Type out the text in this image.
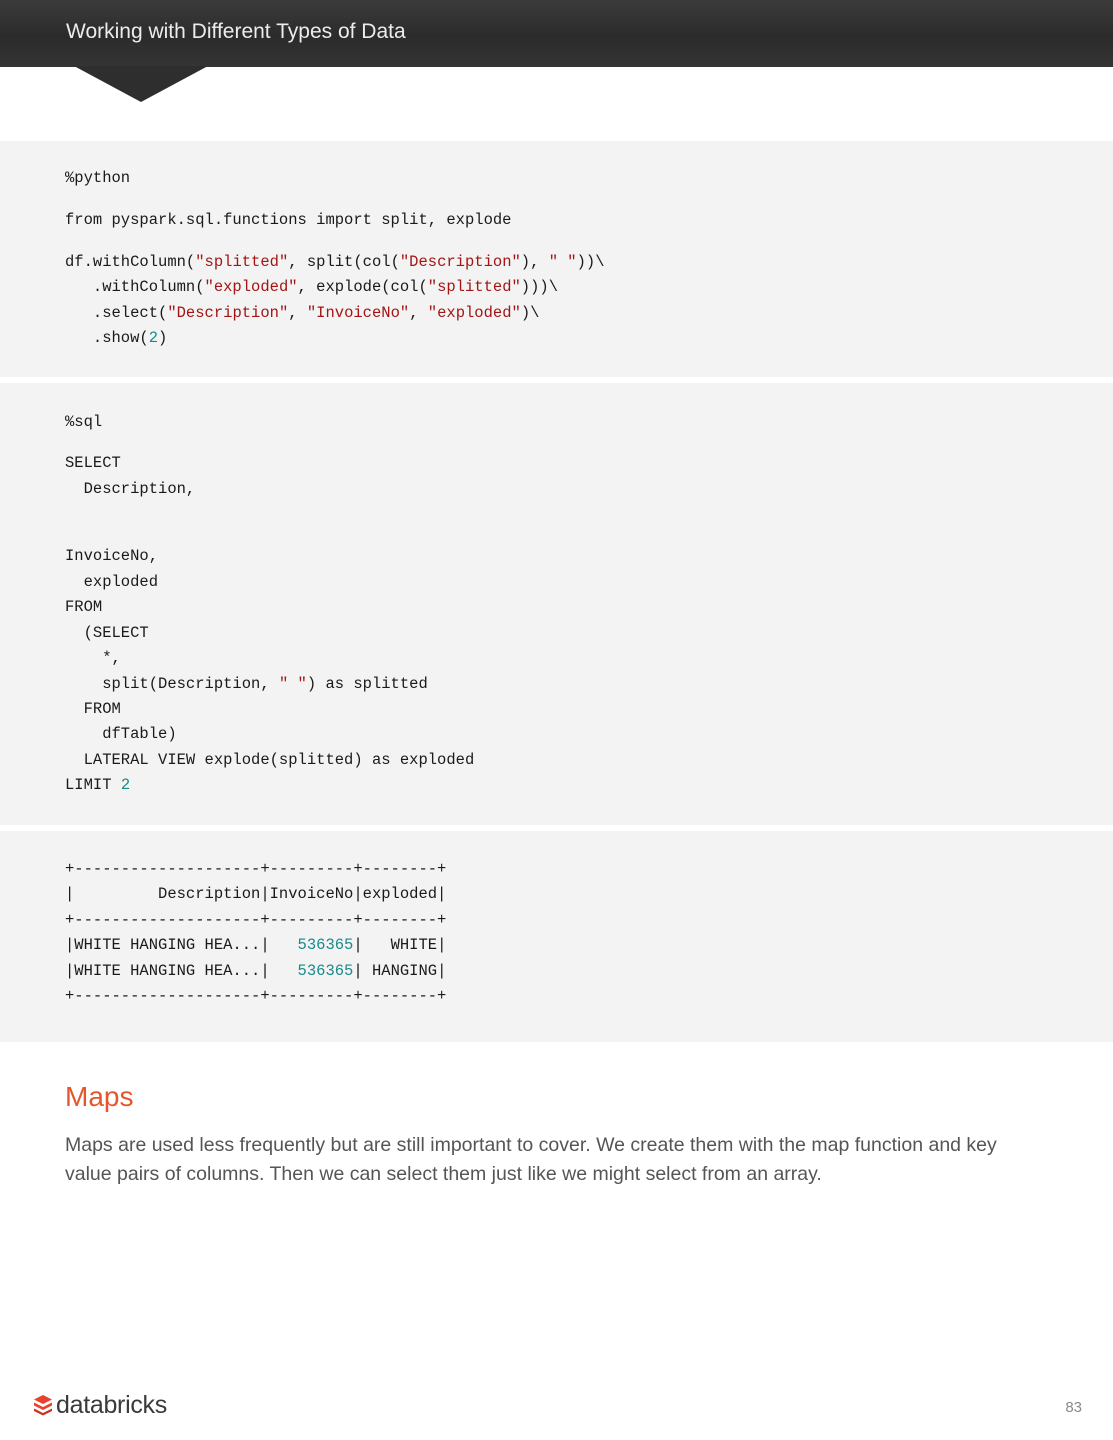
Working with Different Types of Data
%python
from pyspark.sql.functions import split, explode
df.withColumn("splitted", split(col("Description"), " "))\
.withColumn("exploded", explode(col("splitted")))\
.select("Description", "InvoiceNo", "exploded")\
.show(2)
%sql
SELECT
Description,
InvoiceNo,
exploded
FROM
(SELECT
*,
split(Description, " ") as splitted
FROM
dfTable)
LATERAL VIEW explode(splitted) as exploded
LIMIT 2
+--------------------+---------+--------+
|         Description|InvoiceNo|exploded|
+--------------------+---------+--------+
|WHITE HANGING HEA...|   536365|   WHITE|
|WHITE HANGING HEA...|   536365| HANGING|
+--------------------+---------+--------+
Maps
Maps are used less frequently but are still important to cover. We create them with the map function and key value pairs of columns. Then we can select them just like we might select from an array.
databricks	83
